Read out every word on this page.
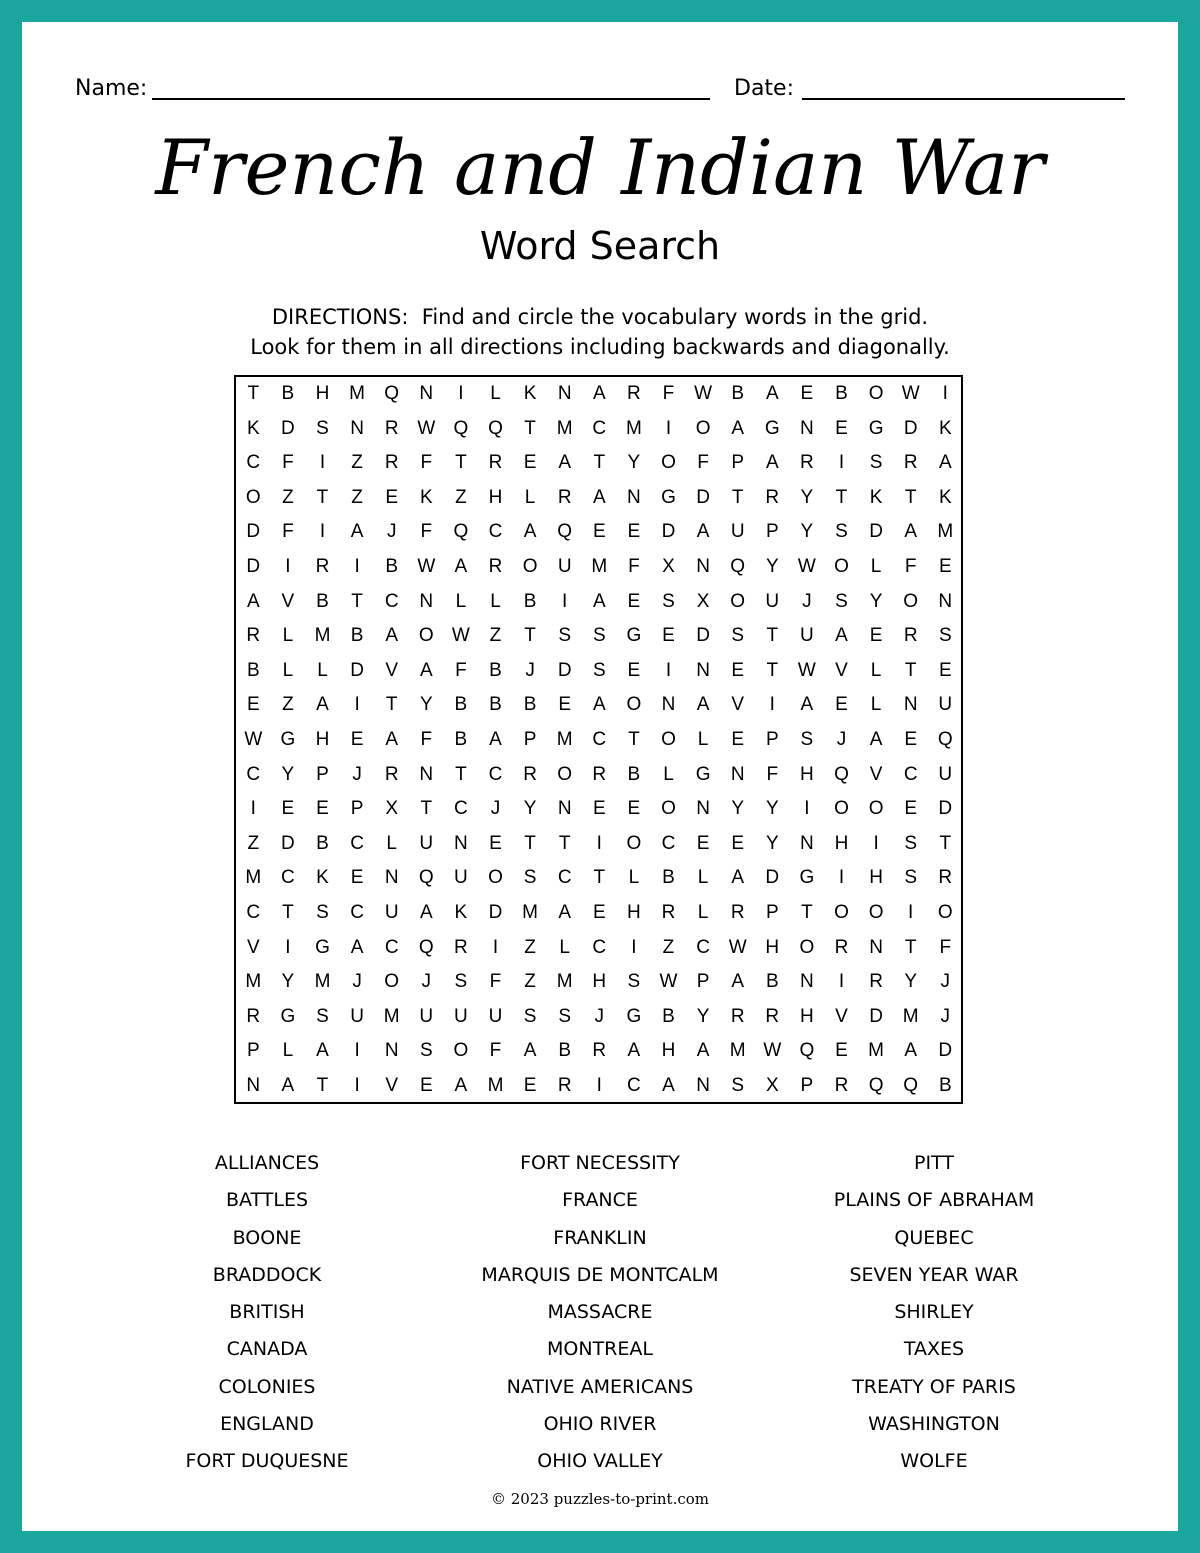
Name:	Date:
French and Indian War
Word Search
DIRECTIONS:  Find and circle the vocabulary words in the grid.
Look for them in all directions including backwards and diagonally.
T	B	H	M	Q	N	I	L	K	N	A	R	F	W	B	A	E	B	O W	I
K	D	S	N	R W Q	Q	T	M	C	M	I	O	A	G	N	E	G	D	K
C	F	I	Z	R	F	T	R	E	A	T	Y	O	F	P	A	R	I	S	R	A
O	Z	T	Z	E	K	Z	H	L	R	A	N	G	D	T	R	Y	T	K	T	K
D	F	I	A	J	F	Q	C	A	Q	E	E	D	A	U	P	Y	S	D	A	M
D	I	R	I	B	W	A	R	O	U	M	F	X	N	Q	Y	W O	L	F	E
A	V	B	T	C	N	L	L	B	I	A	E	S	X	O	U	J	S	Y	O	N
R	L	M	B	A	O W	Z	T	S	S	G	E	D	S	T	U	A	E	R	S
B	L	L	D	V	A	F	B	J	D	S	E	I	N	E	T	W	V	L	T	E
E	Z	A	I	T	Y	B	B	B	E	A	O	N	A	V	I	A	E	L	N	U
W G	H	E	A	F	B	A	P	M	C	T	O	L	E	P	S	J	A	E	Q
C	Y	P	J	R	N	T	C	R	O	R	B	L	G	N	F	H	Q	V	C	U
I	E	E	P	X	T	C	J	Y	N	E	E	O	N	Y	Y	I	O	O	E	D
Z	D	B	C	L	U	N	E	T	T	I	O	C	E	E	Y	N	H	I	S	T
M	C	K	E	N	Q	U	O	S	C	T	L	B	L	A	D	G	I	H	S	R
C	T	S	C	U	A	K	D	M	A	E	H	R	L	R	P	T	O	O	I	O
V	I	G	A	C	Q	R	I	Z	L	C	I	Z	C W H	O	R	N	T	F
M	Y	M	J	O	J	S	F	Z	M	H	S	W	P	A	B	N	I	R	Y	J
R	G	S	U	M	U	U	U	S	S	J	G	B	Y	R	R	H	V	D	M	J
P	L	A	I	N	S	O	F	A	B	R	A	H	A	M W Q	E	M	A	D
N	A	T	I	V	E	A	M	E	R	I	C	A	N	S	X	P	R	Q	Q	B
ALLIANCES
BATTLES
BOONE
BRADDOCK
BRITISH
CANADA
COLONIES
ENGLAND
FORT DUQUESNE
FORT NECESSITY
FRANCE
FRANKLIN
MARQUIS DE MONTCALM
MASSACRE
MONTREAL
NATIVE AMERICANS
OHIO RIVER
OHIO VALLEY
PITT
PLAINS OF ABRAHAM
QUEBEC
SEVEN YEAR WAR
SHIRLEY
TAXES
TREATY OF PARIS
WASHINGTON
WOLFE
© 2023 puzzles-to-print.com
